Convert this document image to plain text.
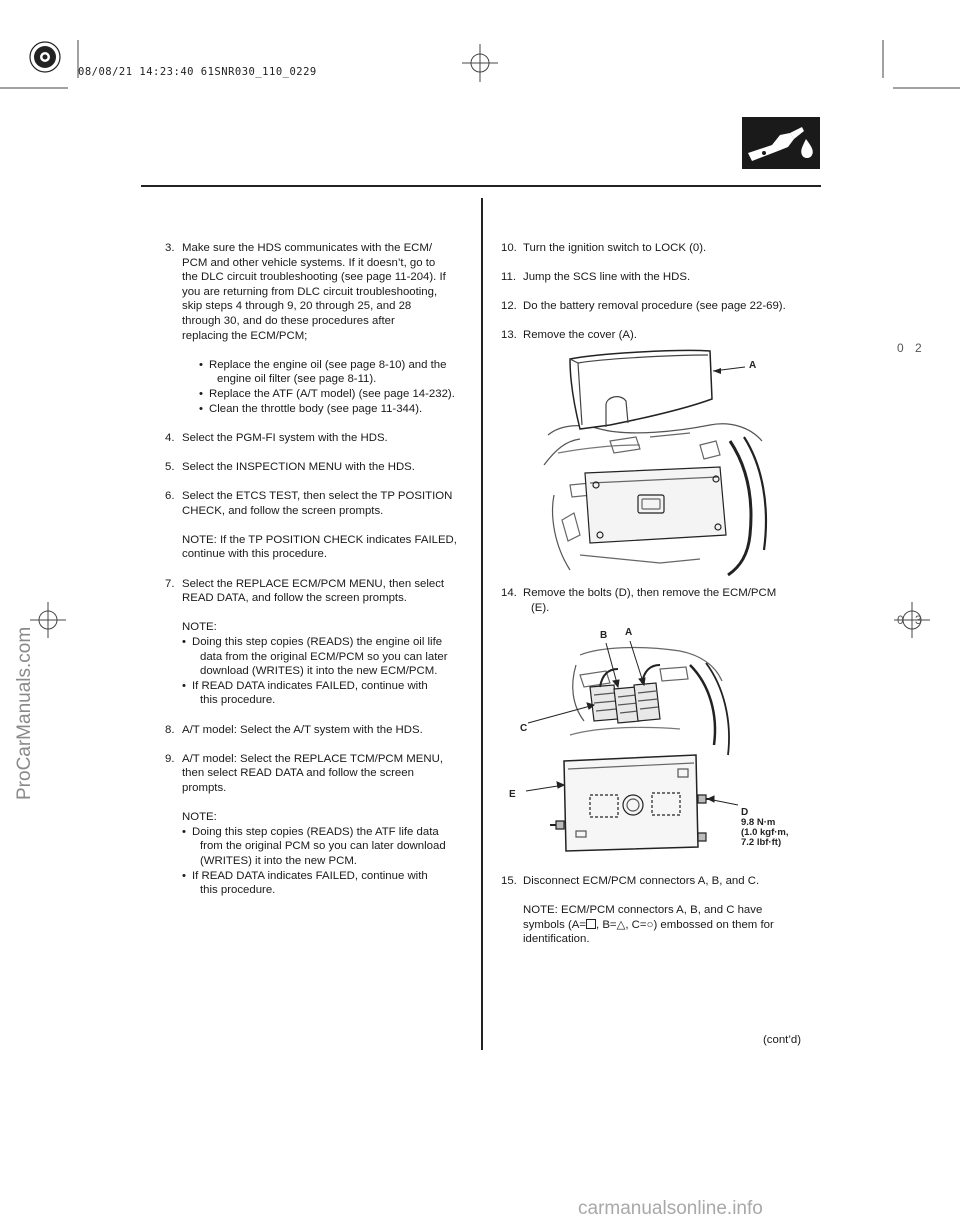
08/08/21 14:23:40 61SNR030_110_0229
ProCarManuals.com
0 2
0 3
3. Make sure the HDS communicates with the ECM/

PCM and other vehicle systems. If it doesn’t, go to

the DLC circuit troubleshooting (see page 11-204). If

you are returning from DLC circuit troubleshooting,

skip steps 4 through 9, 20 through 25, and 28

through 30, and do these procedures after

replacing the ECM/PCM;

• Replace the engine oil (see page 8-10) and the

engine oil filter (see page 8-11).

• Replace the ATF (A/T model) (see page 14-232).

• Clean the throttle body (see page 11-344).

4. Select the PGM-FI system with the HDS.

5. Select the INSPECTION MENU with the HDS.

6. Select the ETCS TEST, then select the TP POSITION

CHECK, and follow the screen prompts.

NOTE: If the TP POSITION CHECK indicates FAILED,

continue with this procedure.

7. Select the REPLACE ECM/PCM MENU, then select

READ DATA, and follow the screen prompts.

NOTE:

• Doing this step copies (READS) the engine oil life

data from the original ECM/PCM so you can later

download (WRITES) it into the new ECM/PCM.

• If READ DATA indicates FAILED, continue with

this procedure.

8. A/T model: Select the A/T system with the HDS.

9. A/T model: Select the REPLACE TCM/PCM MENU,

then select READ DATA and follow the screen

prompts.

NOTE:

• Doing this step copies (READS) the ATF life data

from the original PCM so you can later download

(WRITES) it into the new PCM.

• If READ DATA indicates FAILED, continue with

this procedure.

10. Turn the ignition switch to LOCK (0).

11. Jump the SCS line with the HDS.

12. Do the battery removal procedure (see page 22-69).

13. Remove the cover (A).

A
14. Remove the bolts (D), then remove the ECM/PCM

(E).

B A
C
E
D
9.8 N·m
(1.0 kgf·m,
7.2 lbf·ft)
15. Disconnect ECM/PCM connectors A, B, and C.

NOTE: ECM/PCM connectors A, B, and C have

symbols (A= , B=△, C=○) embossed on them for

identification.

(cont’d)
carmanualsonline.info
